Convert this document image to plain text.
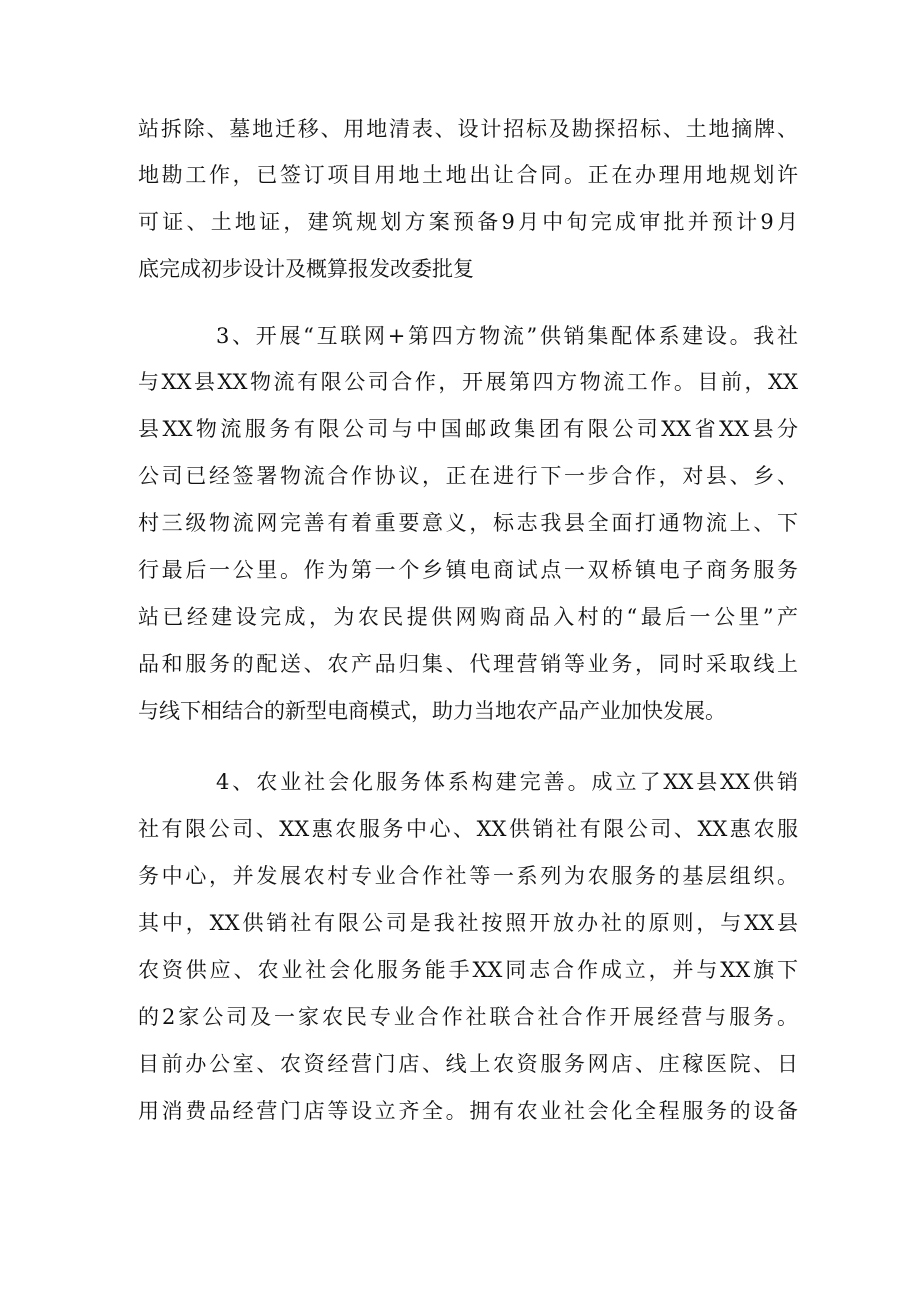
站拆除、墓地迁移、用地清表、设计招标及勘探招标、土地摘牌、
地勘工作，已签订项目用地土地出让合同。正在办理用地规划许
可证、土地证，建筑规划方案预备9月中旬完成审批并预计9月
底完成初步设计及概算报发改委批复
3、开展“互联网+第四方物流”供销集配体系建设。我社
与XX县XX物流有限公司合作，开展第四方物流工作。目前，XX
县XX物流服务有限公司与中国邮政集团有限公司XX省XX县分
公司已经签署物流合作协议，正在进行下一步合作，对县、乡、
村三级物流网完善有着重要意义，标志我县全面打通物流上、下
行最后一公里。作为第一个乡镇电商试点一双桥镇电子商务服务
站已经建设完成，为农民提供网购商品入村的“最后一公里”产
品和服务的配送、农产品归集、代理营销等业务，同时采取线上
与线下相结合的新型电商模式，助力当地农产品产业加快发展。
4、农业社会化服务体系构建完善。成立了XX县XX供销
社有限公司、XX惠农服务中心、XX供销社有限公司、XX惠农服
务中心，并发展农村专业合作社等一系列为农服务的基层组织。
其中，XX供销社有限公司是我社按照开放办社的原则，与XX县
农资供应、农业社会化服务能手XX同志合作成立，并与XX旗下
的2家公司及一家农民专业合作社联合社合作开展经营与服务。
目前办公室、农资经营门店、线上农资服务网店、庄稼医院、日
用消费品经营门店等设立齐全。拥有农业社会化全程服务的设备
